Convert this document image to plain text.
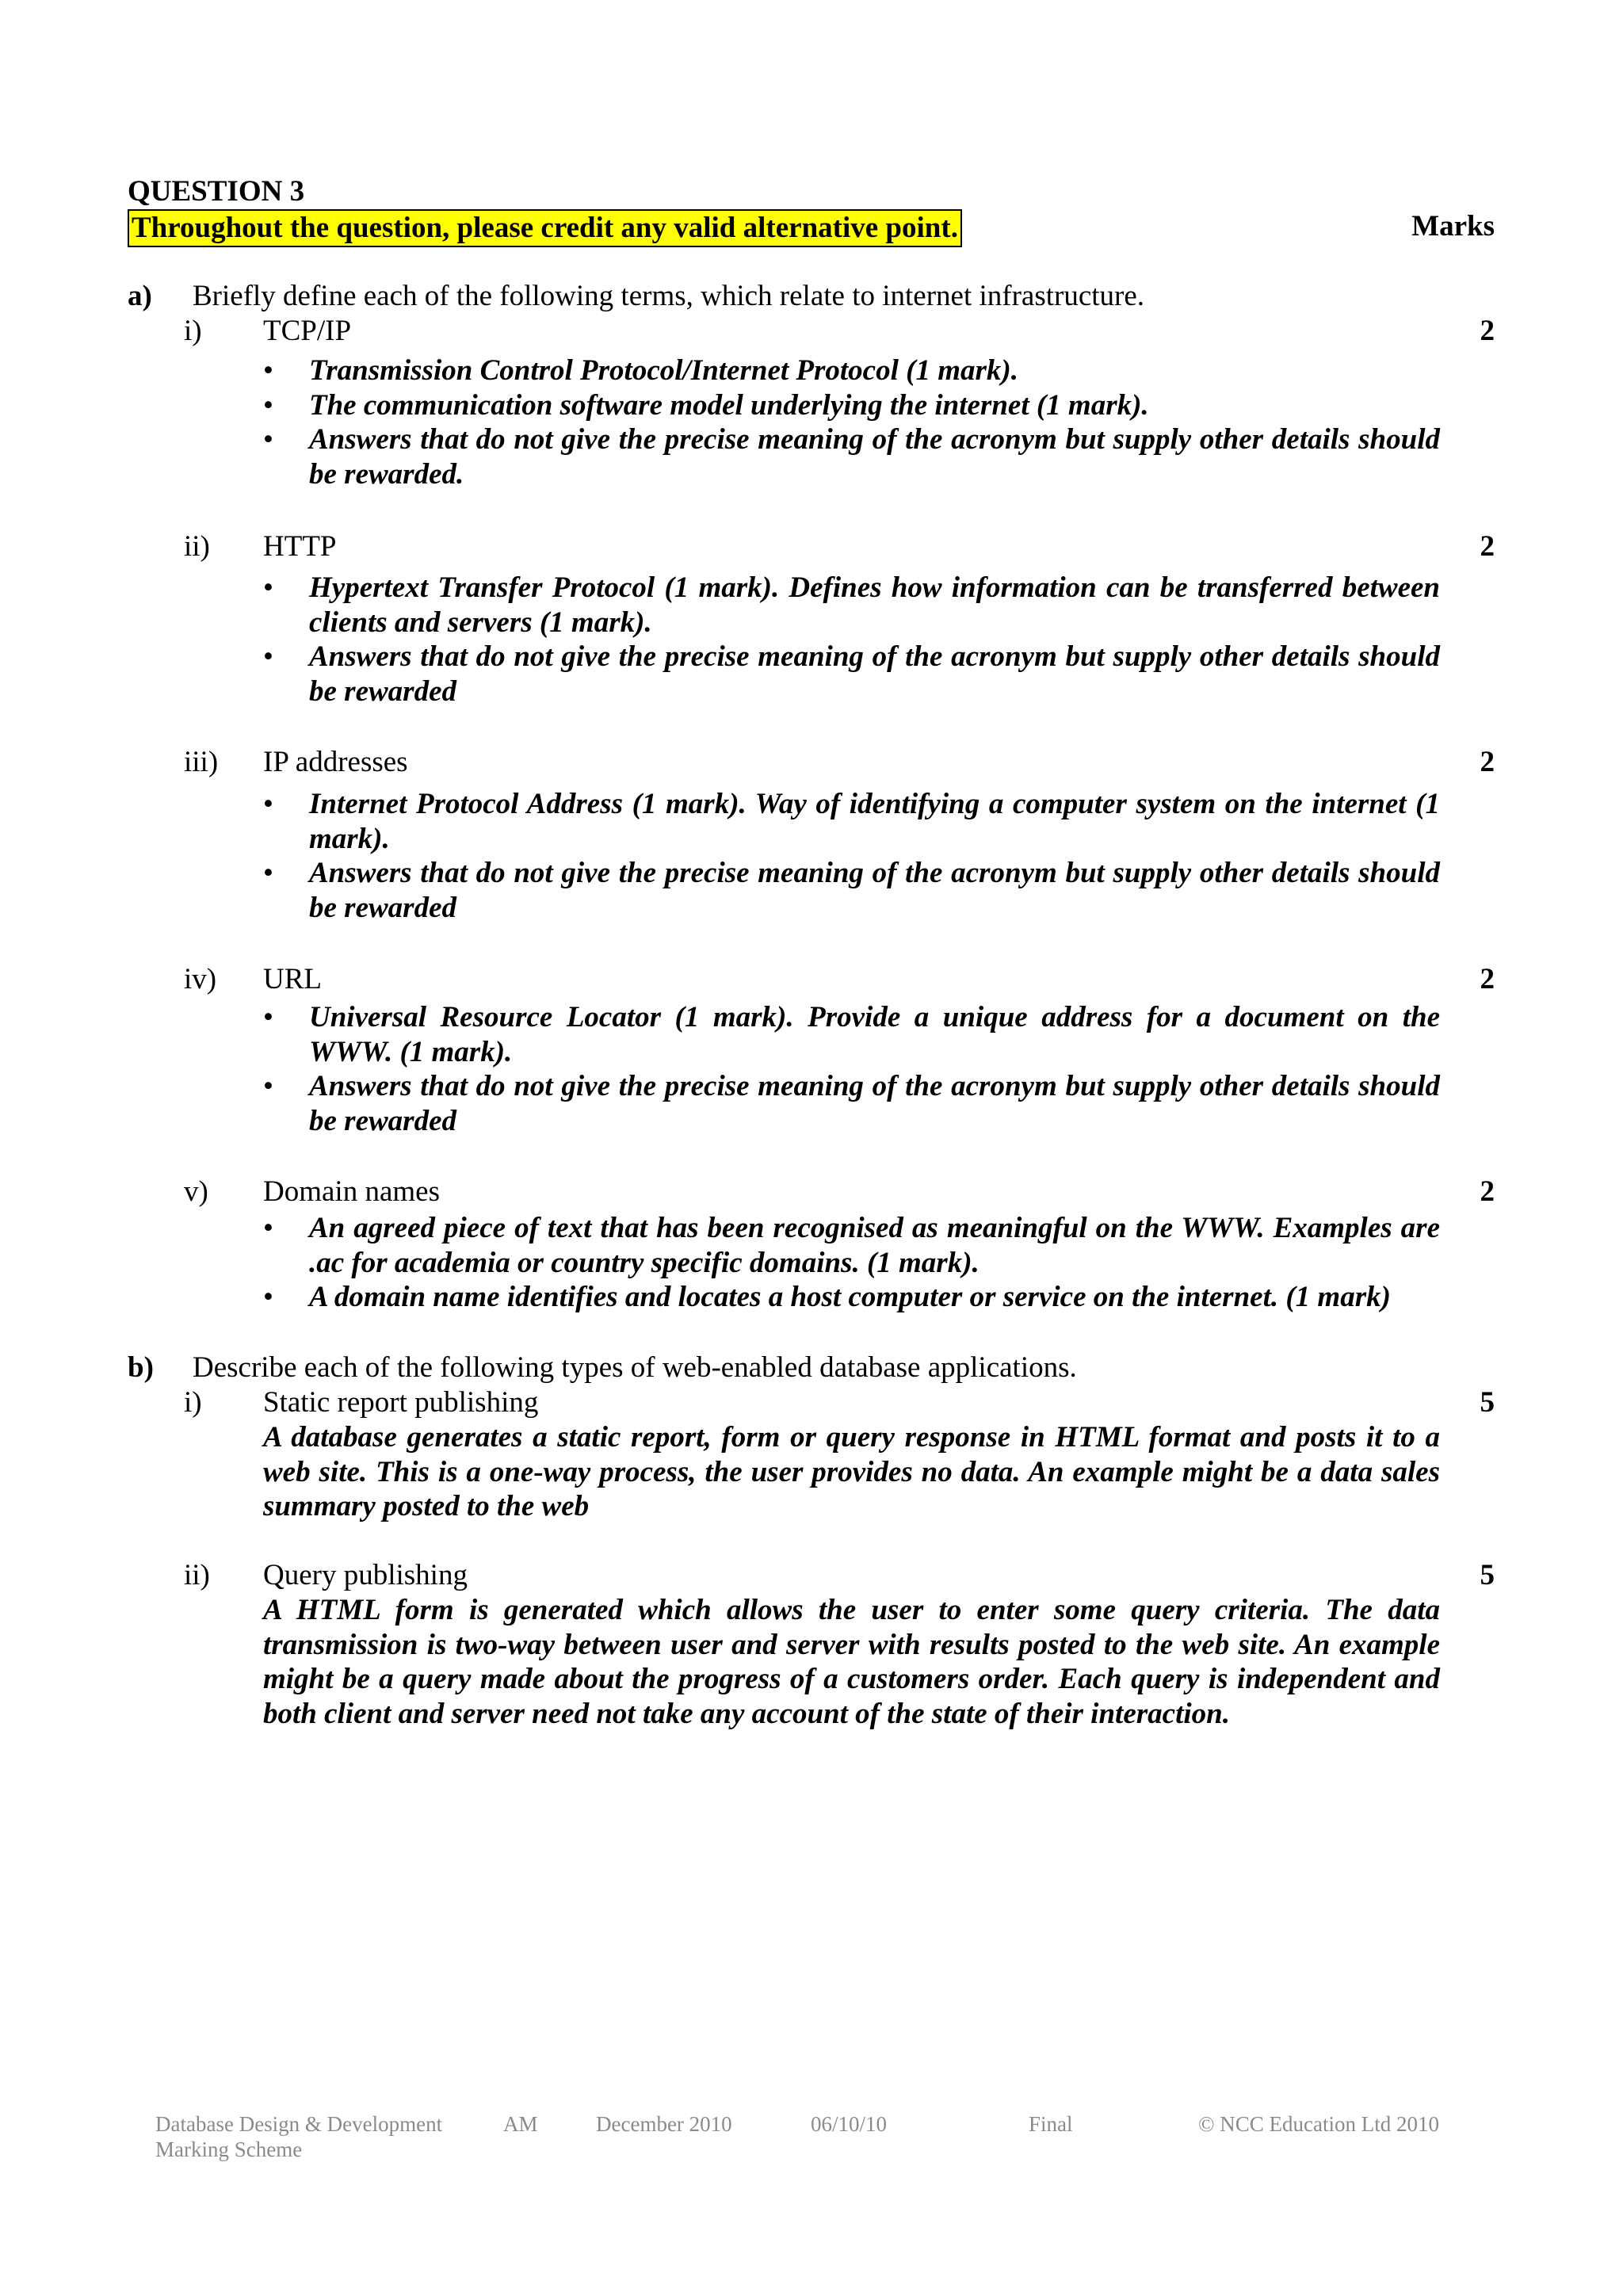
QUESTION 3
Throughout the question, please credit any valid alternative point.	Marks
a) Briefly define each of the following terms, which relate to internet infrastructure.
i) TCP/IP	2
•	Transmission Control Protocol/Internet Protocol (1 mark).
•	The communication software model underlying the internet (1 mark).
•	Answers that do not give the precise meaning of the acronym but supply other details should be rewarded.
ii) HTTP	2
•	Hypertext Transfer Protocol (1 mark). Defines how information can be transferred between clients and servers (1 mark).
•	Answers that do not give the precise meaning of the acronym but supply other details should be rewarded
iii) IP addresses	2
•	Internet Protocol Address (1 mark). Way of identifying a computer system on the internet (1 mark).
•	Answers that do not give the precise meaning of the acronym but supply other details should be rewarded
iv) URL	2
•	Universal Resource Locator (1 mark). Provide a unique address for a document on the WWW. (1 mark).
•	Answers that do not give the precise meaning of the acronym but supply other details should be rewarded
v) Domain names	2
•	An agreed piece of text that has been recognised as meaningful on the WWW. Examples are .ac for academia or country specific domains. (1 mark).
•	A domain name identifies and locates a host computer or service on the internet. (1 mark)
b) Describe each of the following types of web-enabled database applications.
i) Static report publishing	5
A database generates a static report, form or query response in HTML format and posts it to a web site. This is a one-way process, the user provides no data. An example might be a data sales summary posted to the web
ii) Query publishing	5
A HTML form is generated which allows the user to enter some query criteria. The data transmission is two-way between user and server with results posted to the web site. An example might be a query made about the progress of a customers order. Each query is independent and both client and server need not take any account of the state of their interaction.
Database Design & Development
Marking Scheme
AM	December 2010	06/10/10	Final	© NCC Education Ltd 2010
